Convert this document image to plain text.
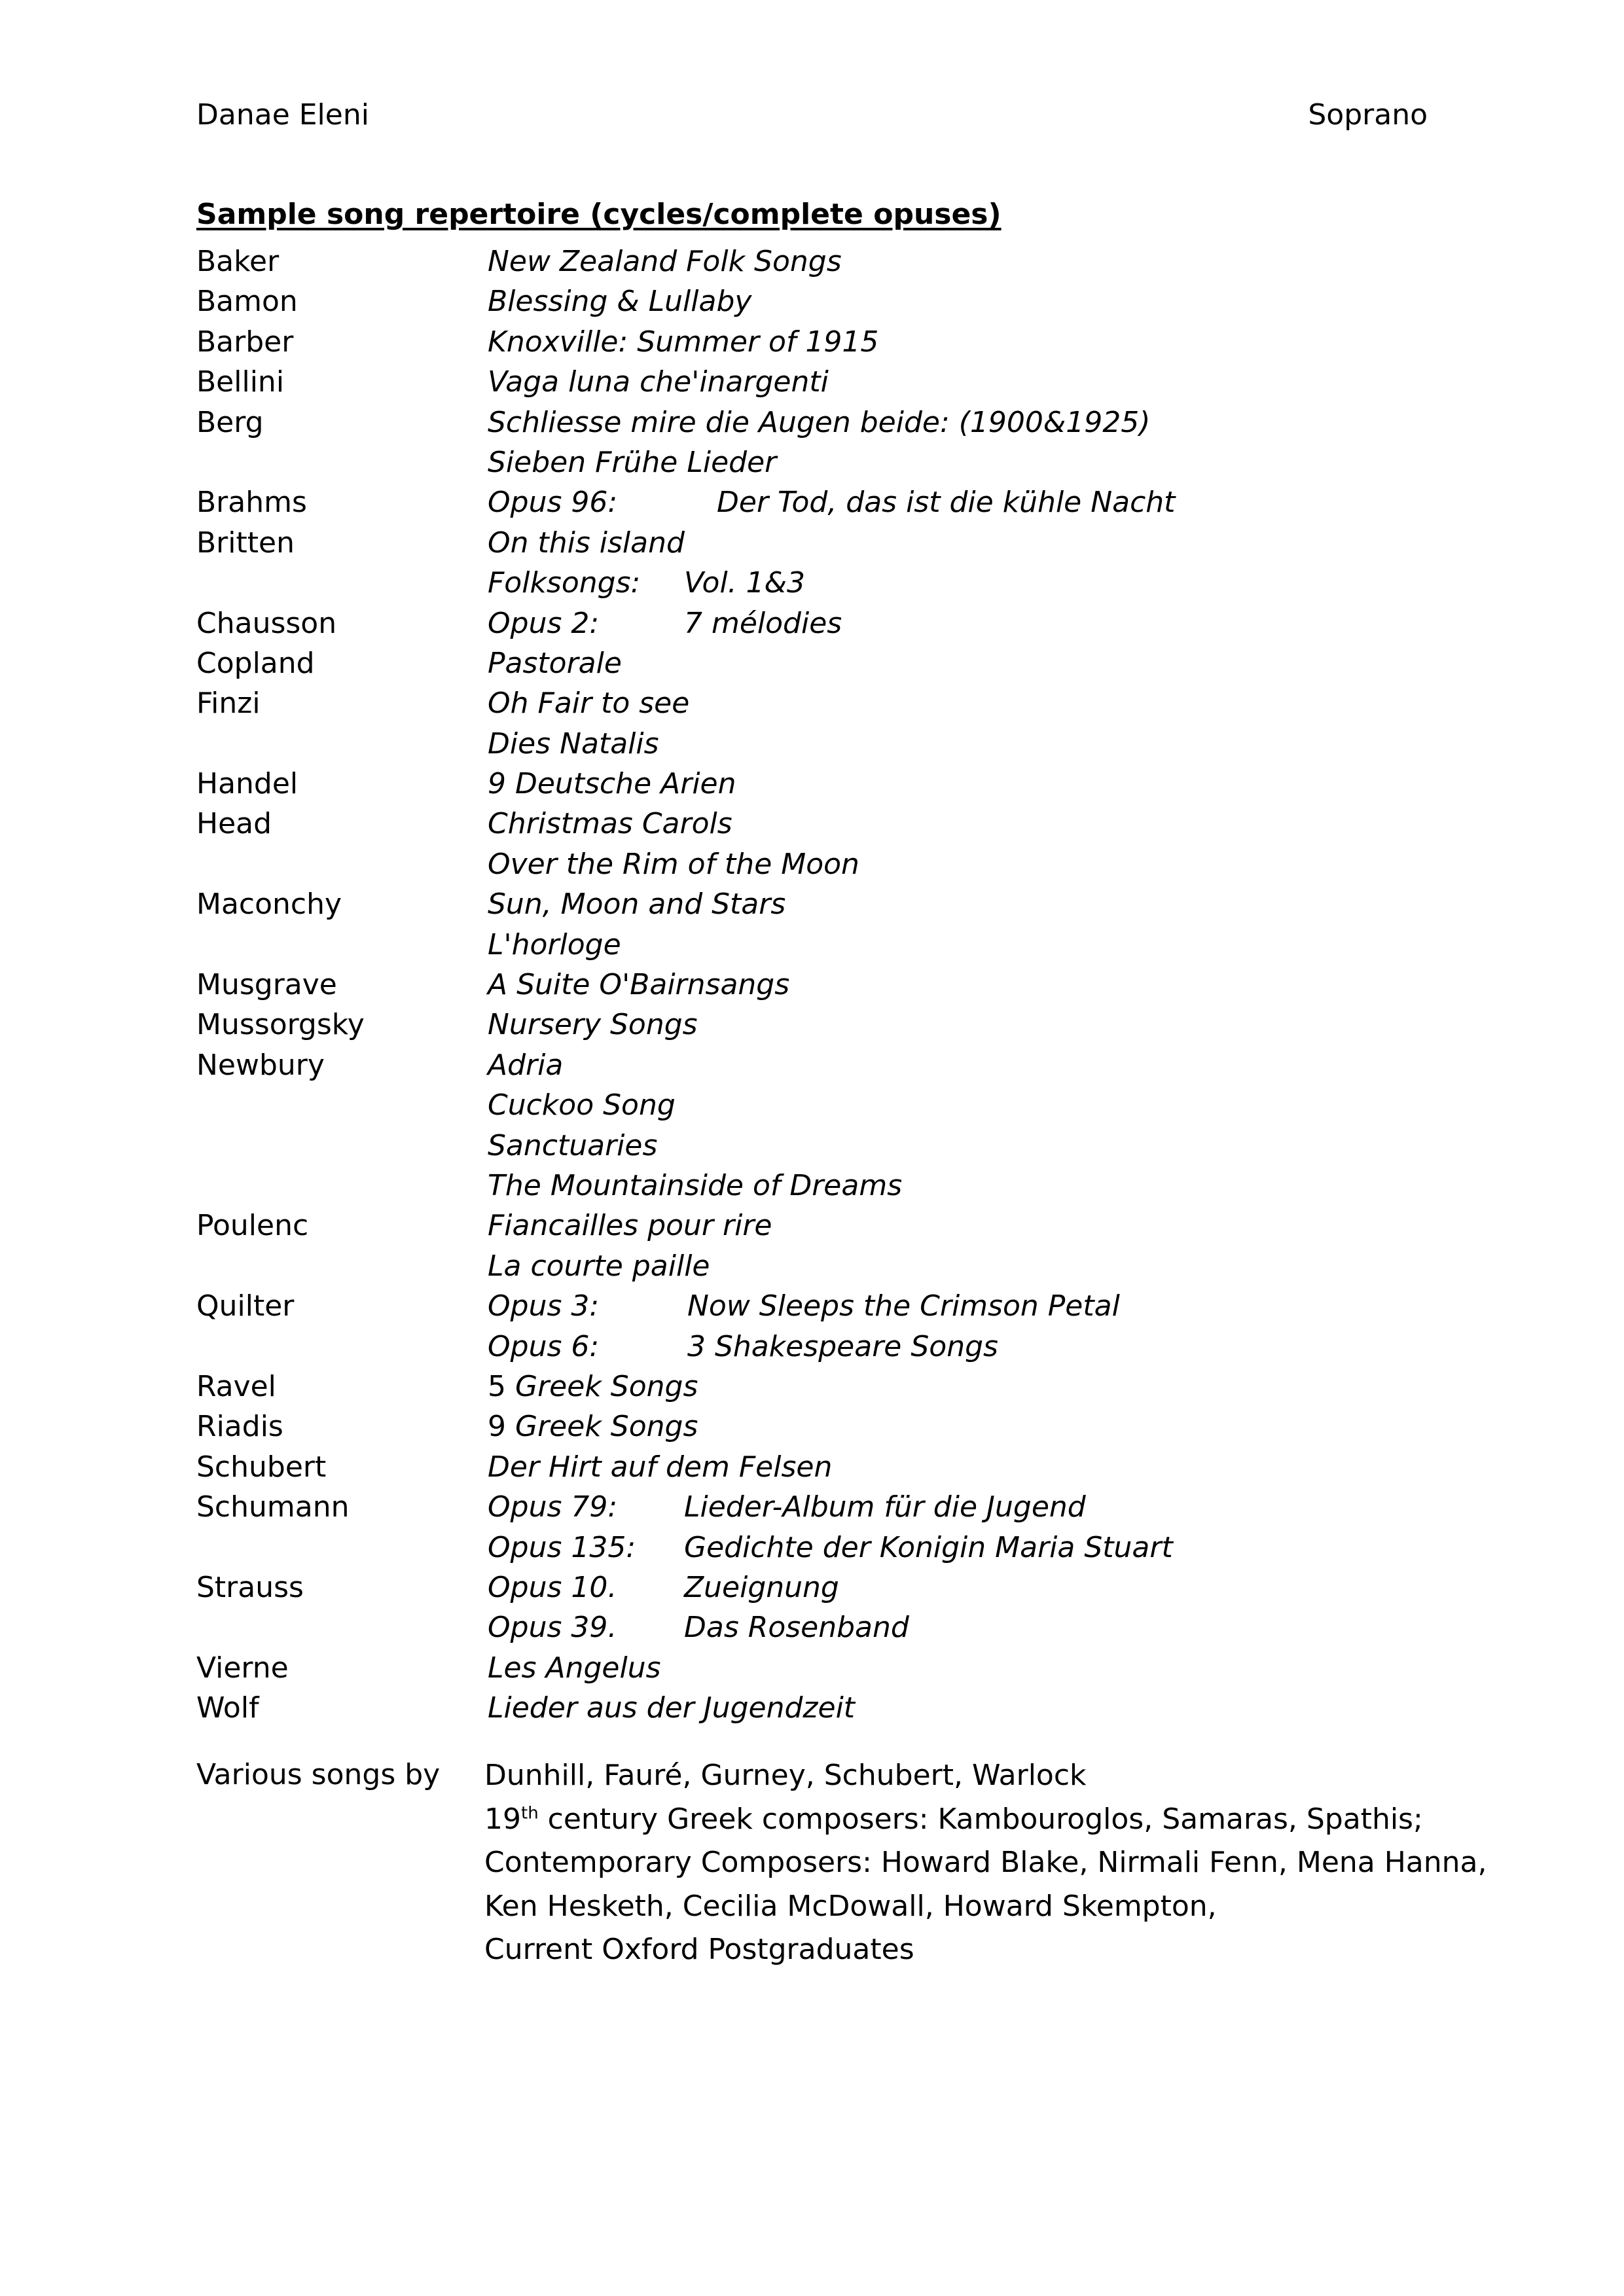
Danae Eleni	Soprano
Sample song repertoire (cycles/complete opuses)
Baker	New Zealand Folk Songs
Bamon	Blessing & Lullaby
Barber	Knoxville: Summer of 1915
Bellini	Vaga luna che'inargenti
Berg	Schliesse mire die Augen beide: (1900&1925)
Sieben Frühe Lieder
Brahms	Opus 96:	Der Tod, das ist die kühle Nacht
Britten	On this island
Folksongs: Vol. 1&3
Chausson	Opus 2:	7 mélodies
Copland	Pastorale
Finzi	Oh Fair to see
Dies Natalis
Handel	9 Deutsche Arien
Head	Christmas Carols
Over the Rim of the Moon
Maconchy	Sun, Moon and Stars
L'horloge
Musgrave	A Suite O'Bairnsangs
Mussorgsky	Nursery Songs
Newbury	Adria
Cuckoo Song
Sanctuaries
The Mountainside of Dreams
Poulenc	Fiancailles pour rire
La courte paille
Quilter	Opus 3:	Now Sleeps the Crimson Petal
Opus 6:	3 Shakespeare Songs
Ravel	5 Greek Songs
Riadis	9 Greek Songs
Schubert	Der Hirt auf dem Felsen
Schumann	Opus 79: Lieder-Album für die Jugend
Opus 135: Gedichte der Konigin Maria Stuart
Strauss	Opus 10. Zueignung
Opus 39. Das Rosenband
Vierne	Les Angelus
Wolf	Lieder aus der Jugendzeit
Various songs by Dunhill, Fauré, Gurney, Schubert, Warlock
19th century Greek composers: Kambouroglos, Samaras, Spathis;
Contemporary Composers: Howard Blake, Nirmali Fenn, Mena Hanna,
Ken Hesketh, Cecilia McDowall, Howard Skempton,
Current Oxford Postgraduates
